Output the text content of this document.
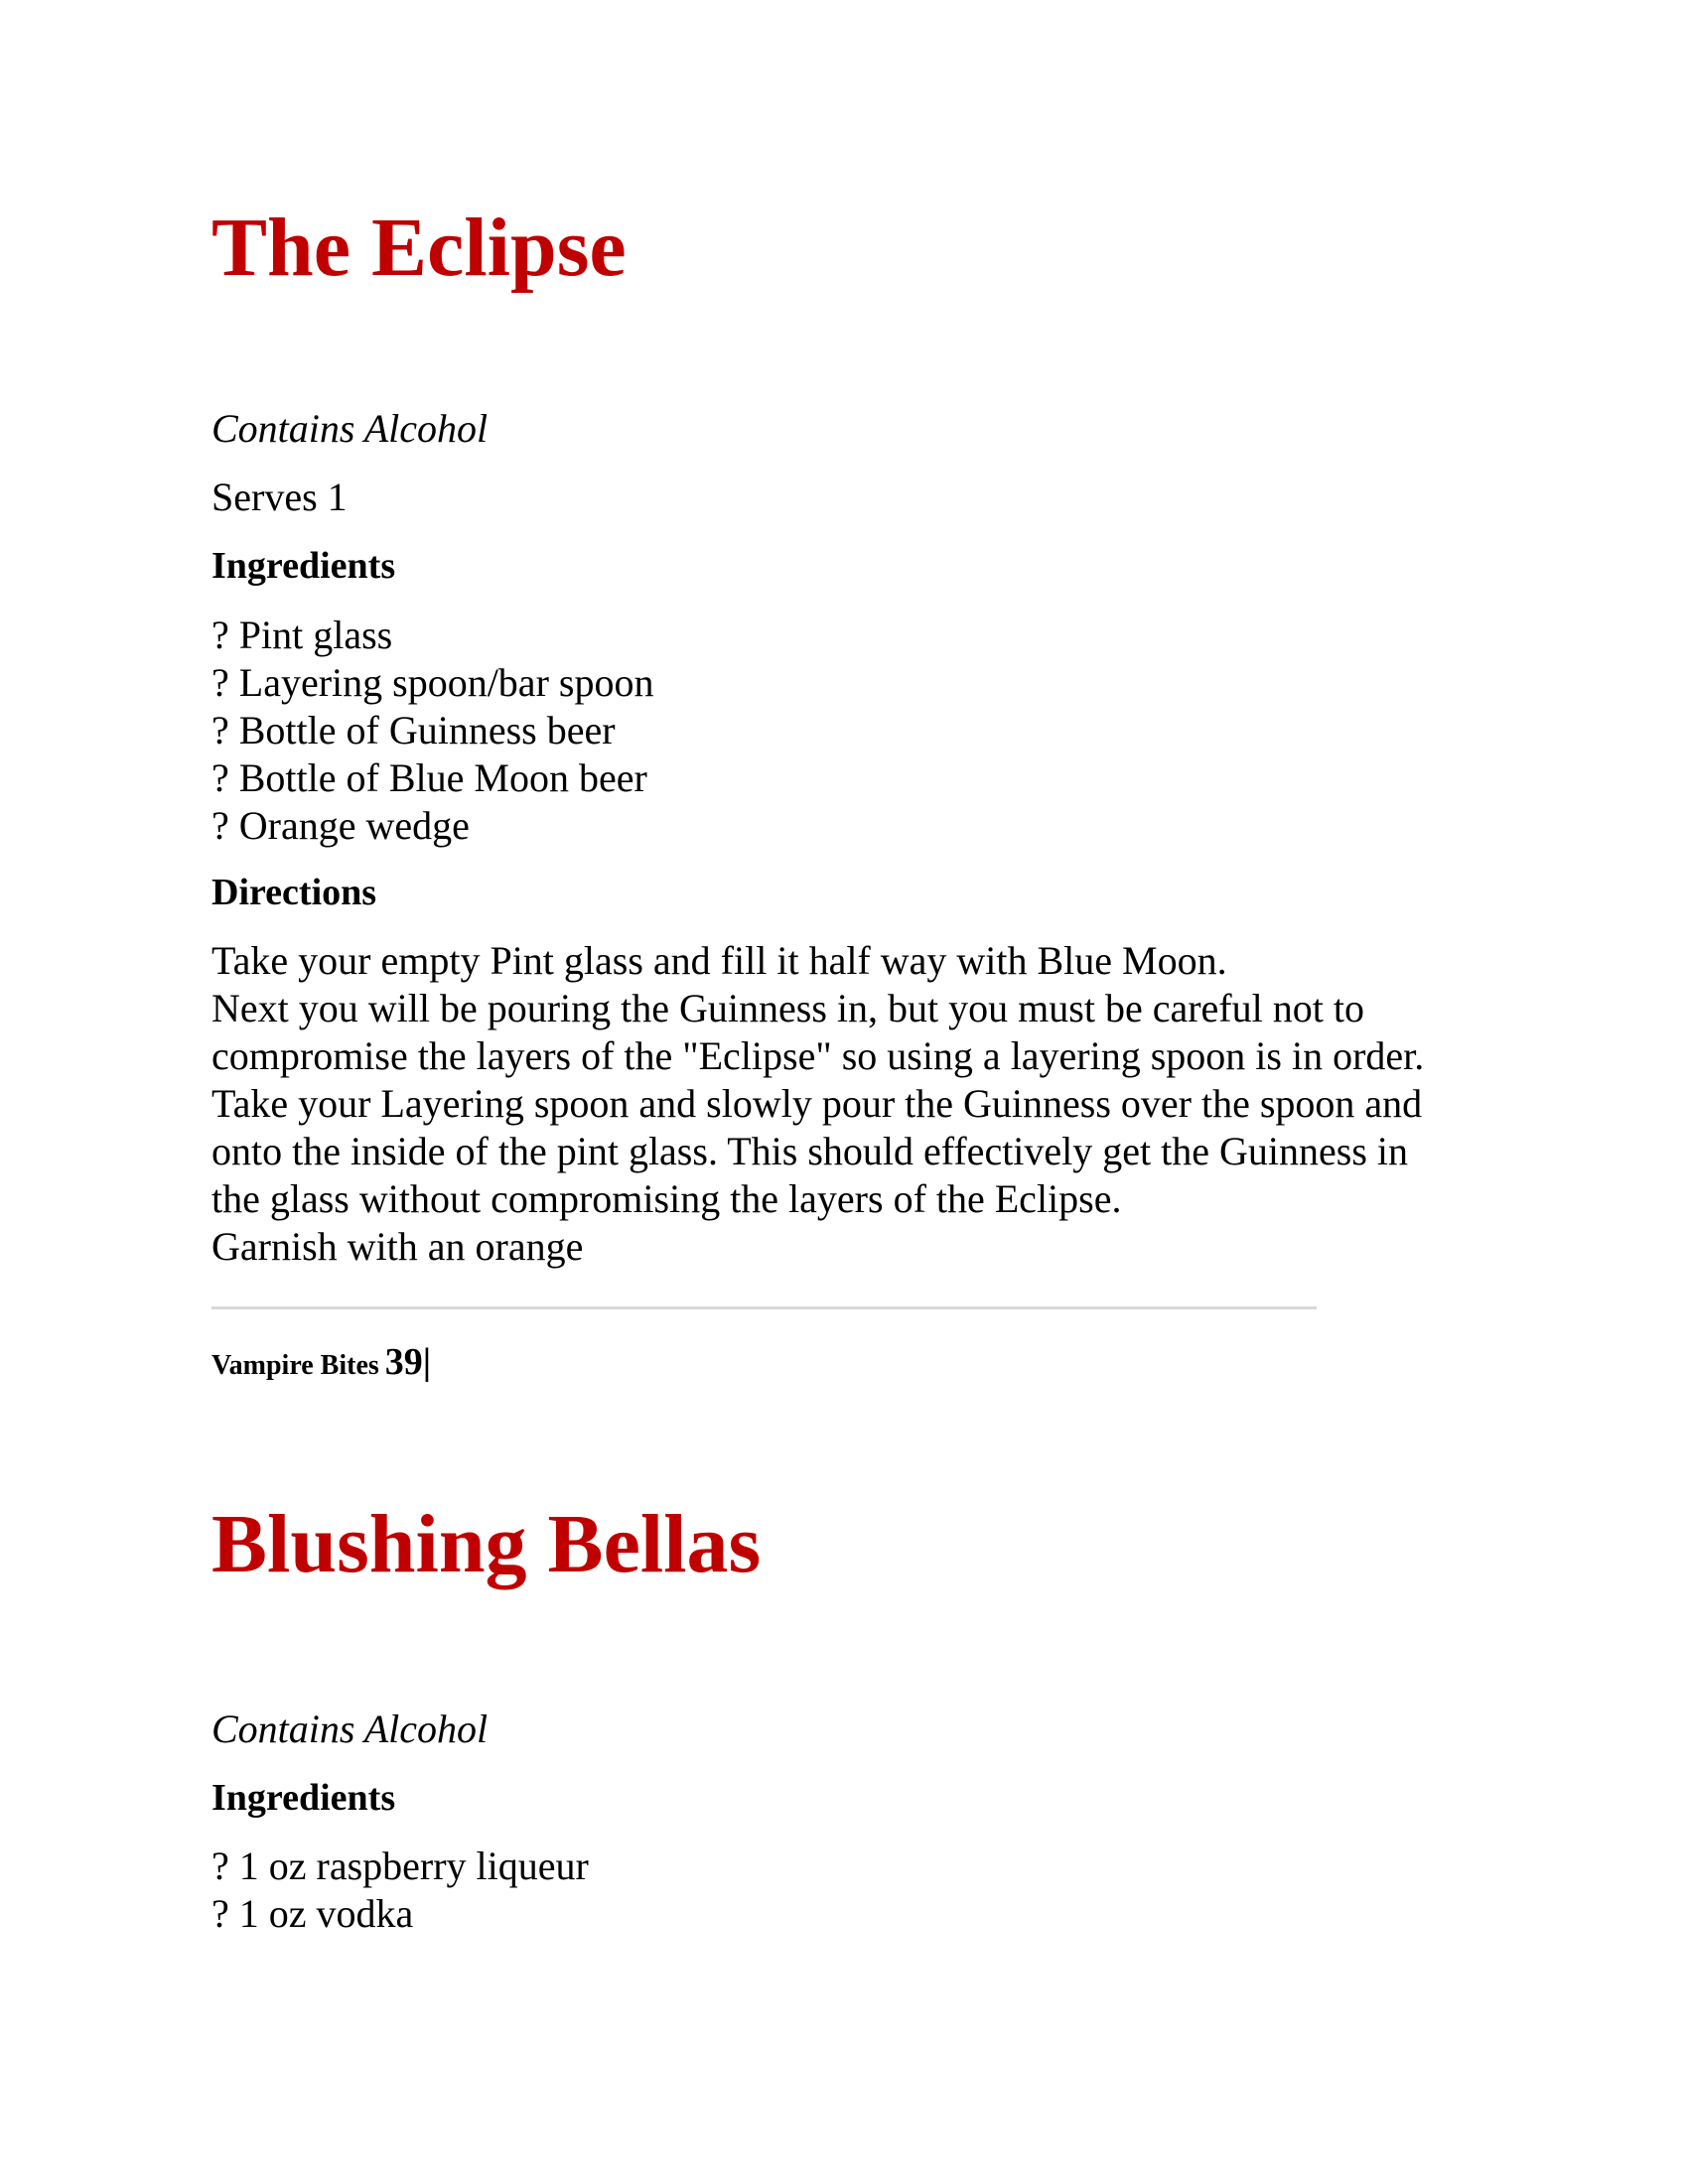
The Eclipse
Contains Alcohol
Serves 1
Ingredients
? Pint glass
? Layering spoon/bar spoon
? Bottle of Guinness beer
? Bottle of Blue Moon beer
? Orange wedge
Directions
Take your empty Pint glass and fill it half way with Blue Moon.
Next you will be pouring the Guinness in, but you must be careful not to
compromise the layers of the "Eclipse" so using a layering spoon is in order.
Take your Layering spoon and slowly pour the Guinness over the spoon and
onto the inside of the pint glass. This should effectively get the Guinness in
the glass without compromising the layers of the Eclipse.
Garnish with an orange
Vampire Bites 39|
Blushing Bellas
Contains Alcohol
Ingredients
? 1 oz raspberry liqueur
? 1 oz vodka
